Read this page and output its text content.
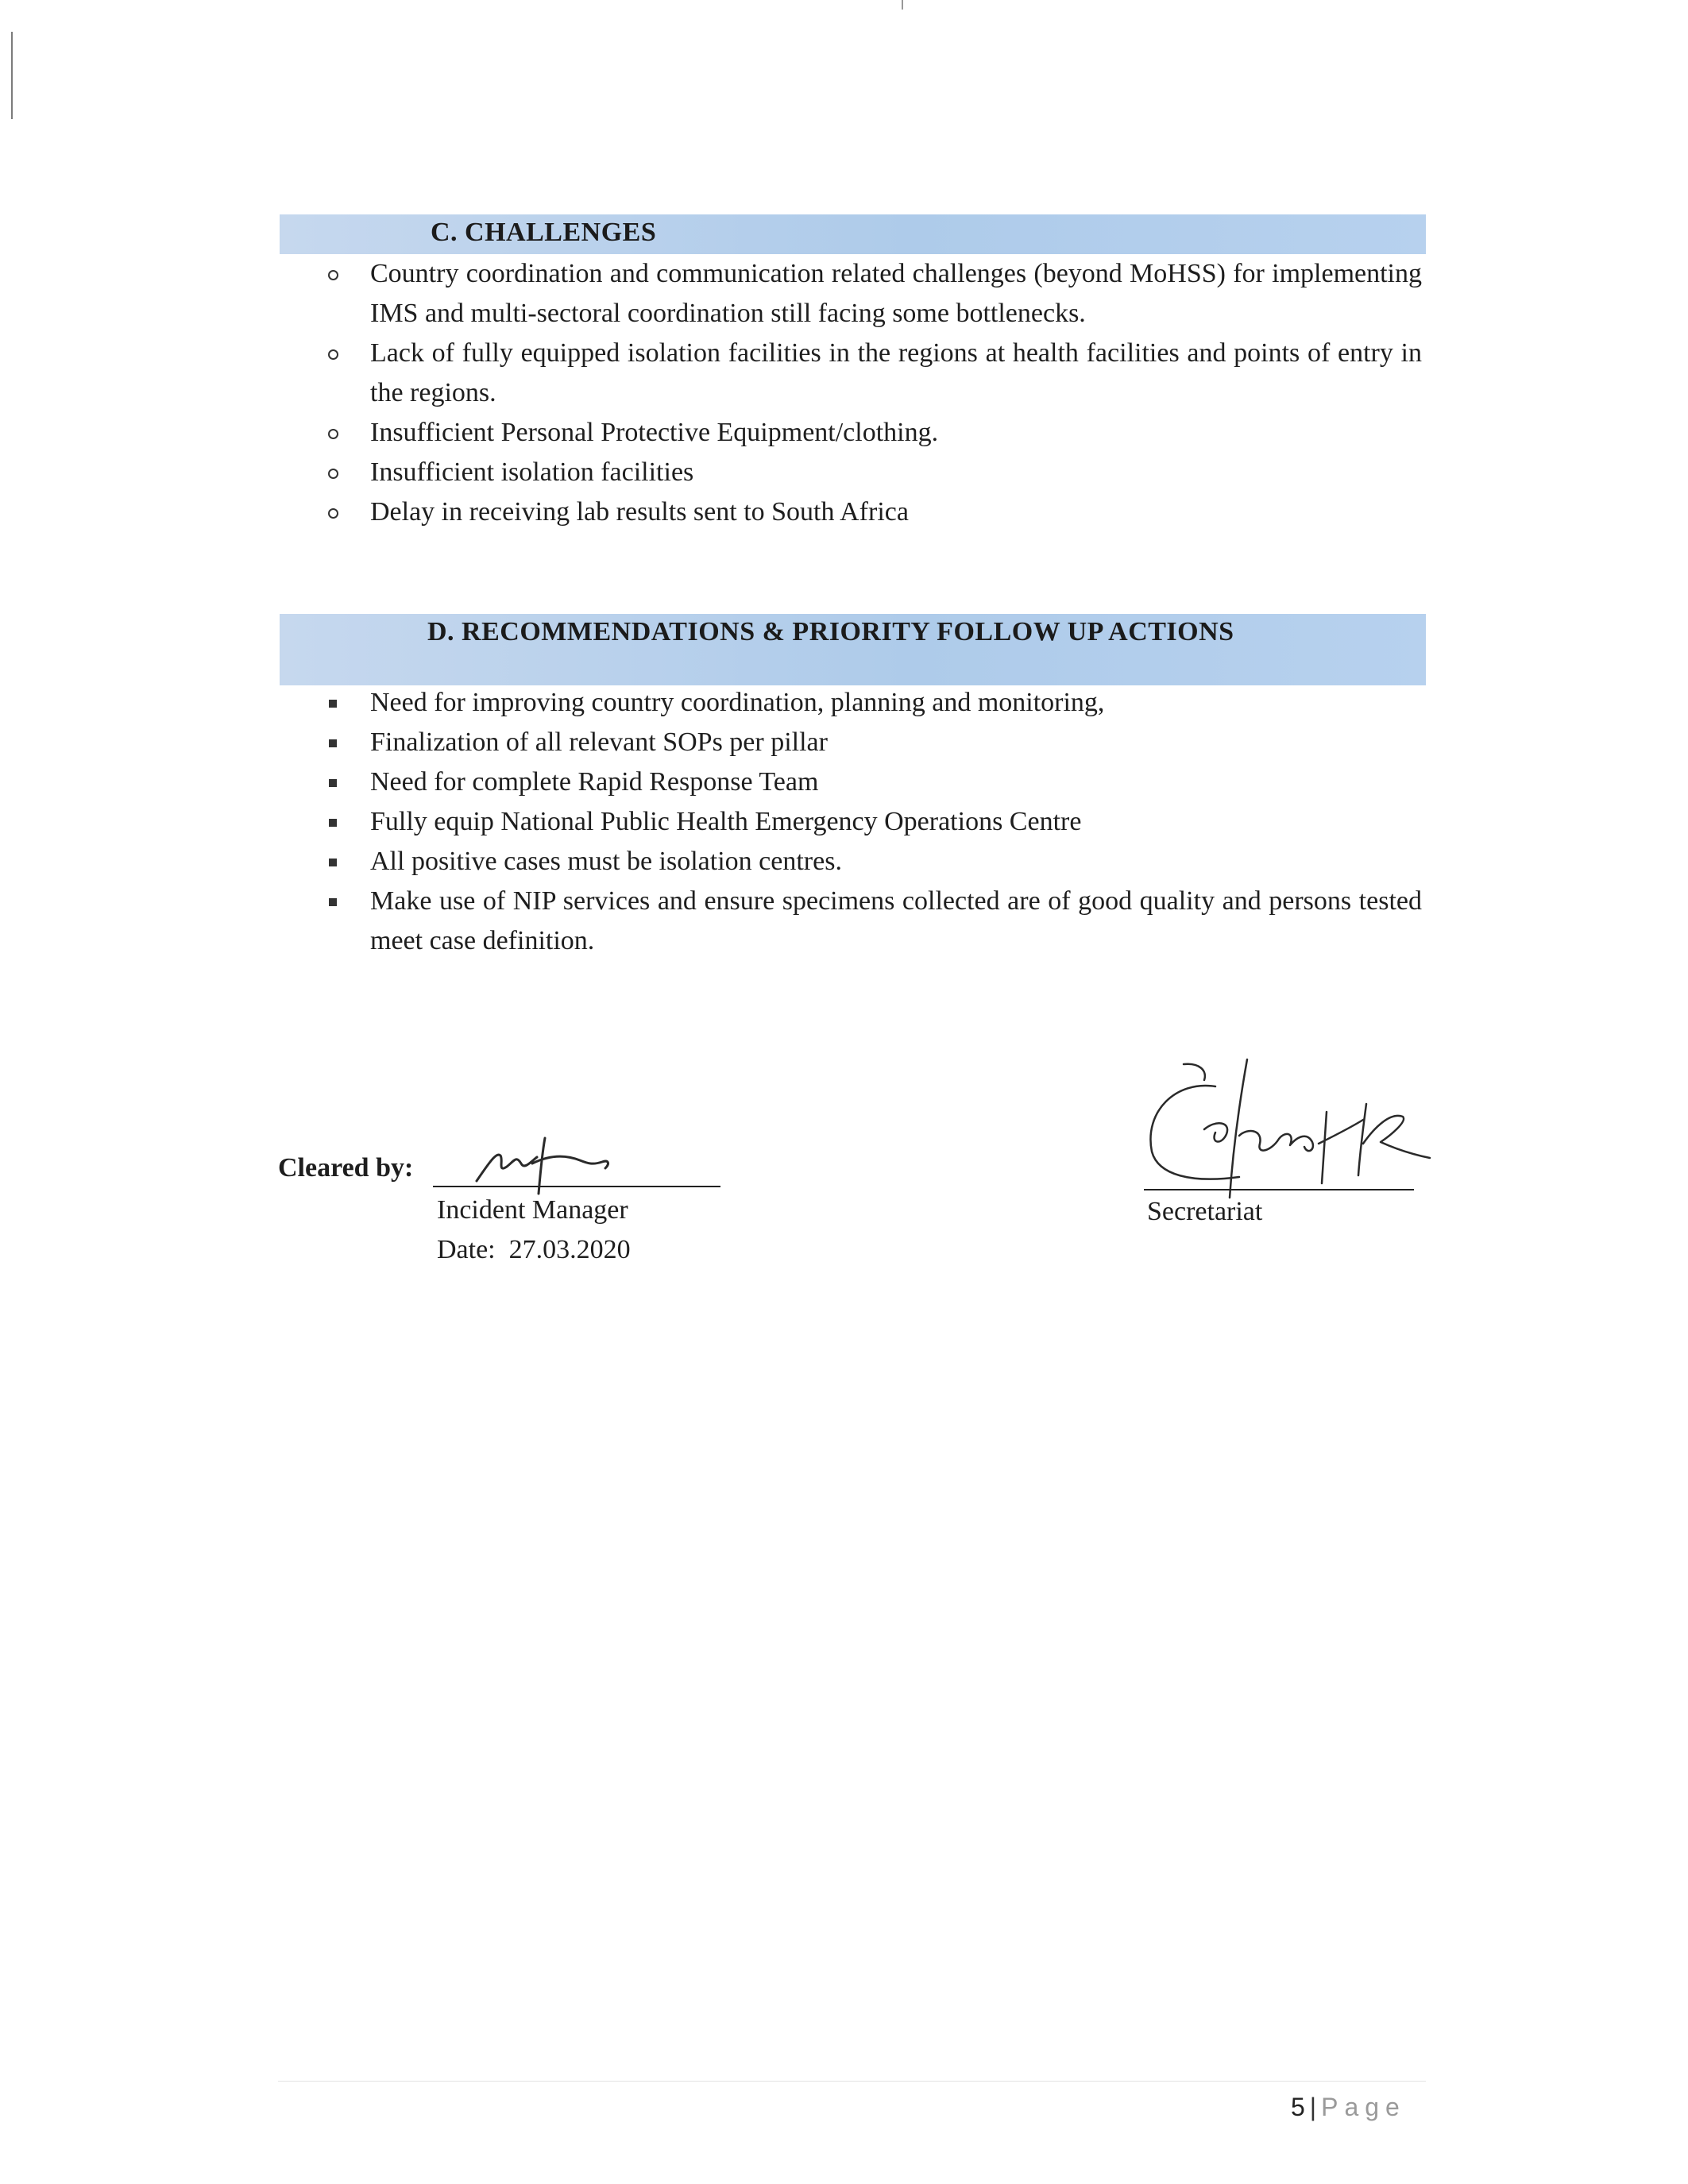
C. CHALLENGES
Country coordination and communication related challenges (beyond MoHSS) for implementing IMS and multi-sectoral coordination still facing some bottlenecks.
Lack of fully equipped isolation facilities in the regions at health facilities and points of entry in the regions.
Insufficient Personal Protective Equipment/clothing.
Insufficient isolation facilities
Delay in receiving lab results sent to South Africa
D. RECOMMENDATIONS & PRIORITY FOLLOW UP ACTIONS
Need for improving country coordination, planning and monitoring,
Finalization of all relevant SOPs per pillar
Need for complete Rapid Response Team
Fully equip National Public Health Emergency Operations Centre
All positive cases must be isolation centres.
Make use of NIP services and ensure specimens collected are of good quality and persons tested meet case definition.
Cleared by:
Incident Manager
Date: 27.03.2020
Secretariat
5 | Page
